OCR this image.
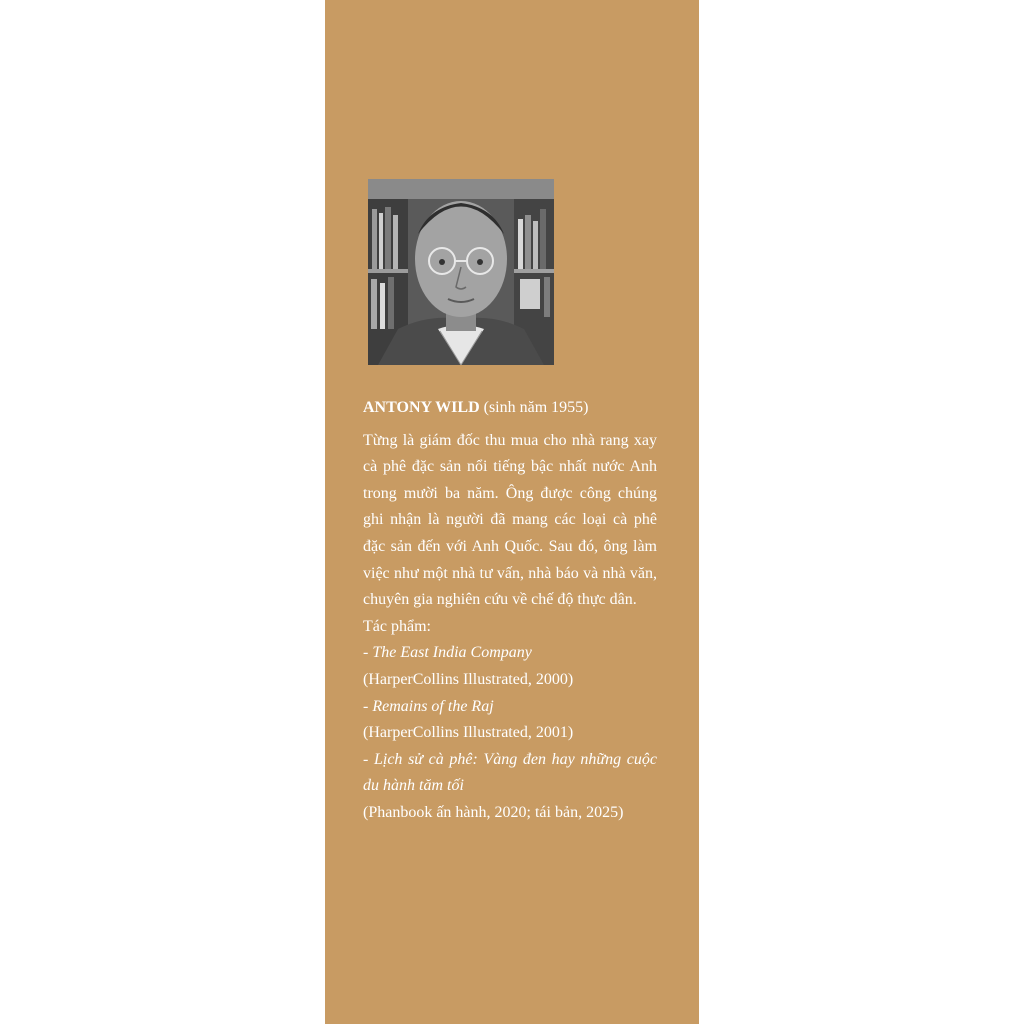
ANTONY WILD (sinh năm 1955)

Từng là giám đốc thu mua cho nhà rang xay cà phê đặc sản nổi tiếng bậc nhất nước Anh trong mười ba năm. Ông được công chúng ghi nhận là người đã mang các loại cà phê đặc sản đến với Anh Quốc. Sau đó, ông làm việc như một nhà tư vấn, nhà báo và nhà văn, chuyên gia nghiên cứu về chế độ thực dân.

Tác phẩm:
- The East India Company
(HarperCollins Illustrated, 2000)
- Remains of the Raj
(HarperCollins Illustrated, 2001)
- Lịch sử cà phê: Vàng đen hay những cuộc du hành tăm tối
(Phanbook ấn hành, 2020; tái bản, 2025)
